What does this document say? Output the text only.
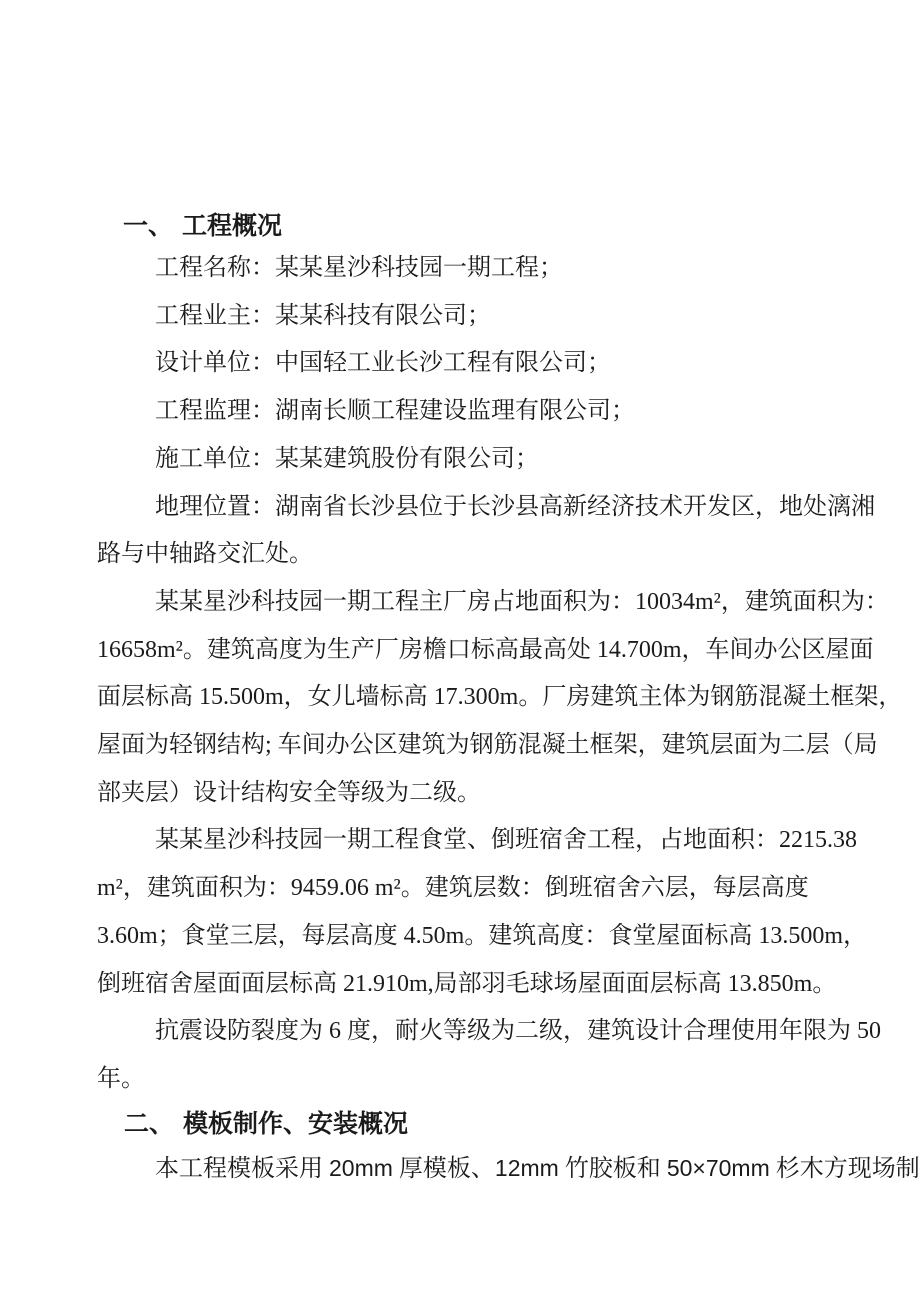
一、 工程概况

工程名称：某某星沙科技园一期工程；

工程业主：某某科技有限公司；

设计单位：中国轻工业长沙工程有限公司；

工程监理：湖南长顺工程建设监理有限公司；

施工单位：某某建筑股份有限公司；

地理位置：湖南省长沙县位于长沙县高新经济技术开发区，地处漓湘

路与中轴路交汇处。

某某星沙科技园一期工程主厂房占地面积为：10034m²，建筑面积为：

16658m²。建筑高度为生产厂房檐口标高最高处 14.700m，车间办公区屋面

面层标高 15.500m，女儿墙标高 17.300m。厂房建筑主体为钢筋混凝土框架，

屋面为轻钢结构; 车间办公区建筑为钢筋混凝土框架，建筑层面为二层（局

部夹层）设计结构安全等级为二级。

某某星沙科技园一期工程食堂、倒班宿舍工程，占地面积：2215.38

m²，建筑面积为：9459.06 m²。建筑层数：倒班宿舍六层，每层高度

3.60m；食堂三层，每层高度 4.50m。建筑高度：食堂屋面标高 13.500m，

倒班宿舍屋面面层标高 21.910m,局部羽毛球场屋面面层标高 13.850m。

抗震设防裂度为 6 度，耐火等级为二级，建筑设计合理使用年限为 50

年。

二、 模板制作、安装概况

本工程模板采用 20mm 厚模板、12mm 竹胶板和 50×70mm 杉木方现场制
